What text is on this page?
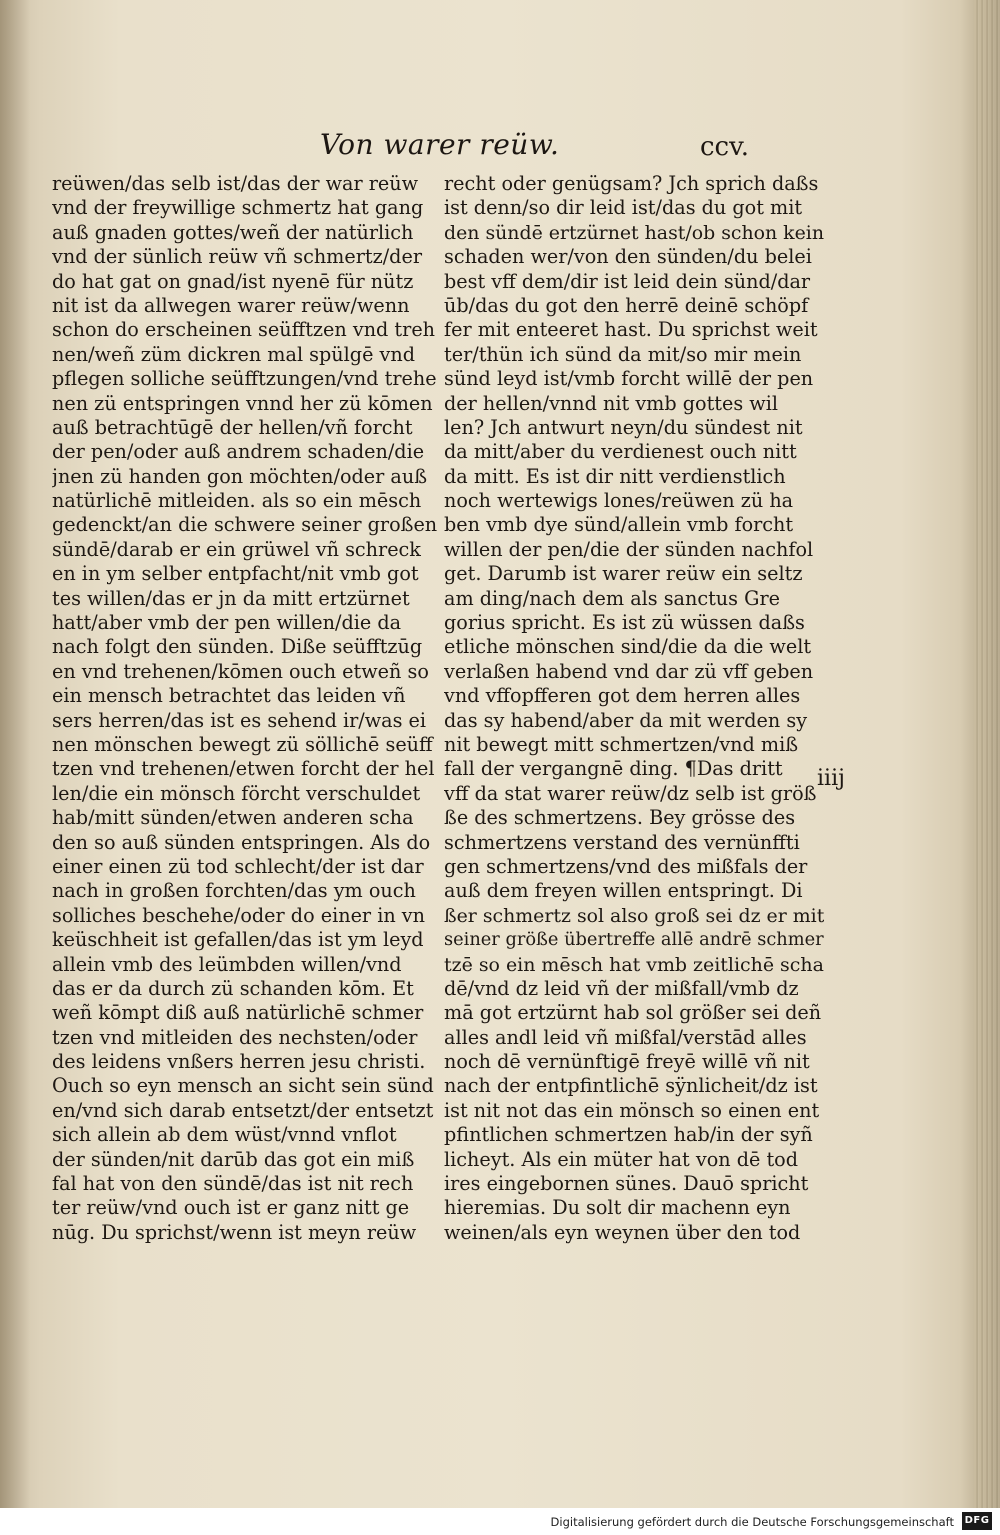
Von warer reüw.	ccv.
reüwen/das selb ist/das der war reüw
vnd der freywillige schmertz hat gang
auß gnaden gottes/weñ der natürlich
vnd der sünlich reüw vñ schmertz/der
do hat gat on gnad/ist nyenē für nütz
nit ist da allwegen warer reüw/wenn
schon do erscheinen seüfftzen vnd treh
nen/weñ züm dickren mal spülgē vnd
pflegen solliche seüfftzungen/vnd trehe
nen zü entspringen vnnd her zü kōmen
auß betrachtūgē der hellen/vñ forcht
der pen/oder auß andrem schaden/die
jnen zü handen gon möchten/oder auß
natürlichē mitleiden. als so ein mēsch
gedenckt/an die schwere seiner großen
sündē/darab er ein grüwel vñ schreck
en in ym selber entpfacht/nit vmb got
tes willen/das er jn da mitt ertzürnet
hatt/aber vmb der pen willen/die da
nach folgt den sünden. Diße seüfftzūg
en vnd trehenen/kōmen ouch etweñ so
ein mensch betrachtet das leiden vñ
sers herren/das ist es sehend ir/was ei
nen mönschen bewegt zü söllichē seüff
tzen vnd trehenen/etwen forcht der hel
len/die ein mönsch förcht verschuldet
hab/mitt sünden/etwen anderen scha
den so auß sünden entspringen. Als do
einer einen zü tod schlecht/der ist dar
nach in großen forchten/das ym ouch
solliches beschehe/oder do einer in vn
keüschheit ist gefallen/das ist ym leyd
allein vmb des leümbden willen/vnd
das er da durch zü schanden kōm. Et
weñ kōmpt diß auß natürlichē schmer
tzen vnd mitleiden des nechsten/oder
des leidens vnßers herren jesu christi.
Ouch so eyn mensch an sicht sein sünd
en/vnd sich darab entsetzt/der entsetzt
sich allein ab dem wüst/vnnd vnflot
der sünden/nit darūb das got ein miß
fal hat von den sündē/das ist nit rech
ter reüw/vnd ouch ist er ganz nitt ge
nūg. Du sprichst/wenn ist meyn reüw
recht oder genügsam? Jch sprich daßs
ist denn/so dir leid ist/das du got mit
den sündē ertzürnet hast/ob schon kein
schaden wer/von den sünden/du belei
best vff dem/dir ist leid dein sünd/dar
ūb/das du got den herrē deinē schöpf
fer mit enteeret hast. Du sprichst weit
ter/thün ich sünd da mit/so mir mein
sünd leyd ist/vmb forcht willē der pen
der hellen/vnnd nit vmb gottes wil
len? Jch antwurt neyn/du sündest nit
da mitt/aber du verdienest ouch nitt
da mitt. Es ist dir nitt verdienstlich
noch wertewigs lones/reüwen zü ha
ben vmb dye sünd/allein vmb forcht
willen der pen/die der sünden nachfol
get. Darumb ist warer reüw ein seltz
am ding/nach dem als sanctus Gre
gorius spricht. Es ist zü wüssen daßs
etliche mönschen sind/die da die welt
verlaßen habend vnd dar zü vff geben
vnd vffopfferen got dem herren alles
das sy habend/aber da mit werden sy
nit bewegt mitt schmertzen/vnd miß
fall der vergangnē ding. ¶Das dritt
vff da stat warer reüw/dz selb ist größ
ße des schmertzens. Bey grösse des
schmertzens verstand des vernünffti
gen schmertzens/vnd des mißfals der
auß dem freyen willen entspringt. Di
ßer schmertz sol also groß sei dz er mit
seiner größe übertreffe allē andrē schmer
tzē so ein mēsch hat vmb zeitlichē scha
dē/vnd dz leid vñ der mißfall/vmb dz
mā got ertzürnt hab sol größer sei deñ
alles andl leid vñ mißfal/verstād alles
noch dē vernünftigē freyē willē vñ nit
nach der entpfintlichē sÿnlicheit/dz ist
ist nit not das ein mönsch so einen ent
pfintlichen schmertzen hab/in der syñ
licheyt. Als ein müter hat von dē tod
ires eingebornen sünes. Dauō spricht
hieremias. Du solt dir machenn eyn
weinen/als eyn weynen über den tod
iiij
Digitalisierung gefördert durch die Deutsche Forschungsgemeinschaft DFG
